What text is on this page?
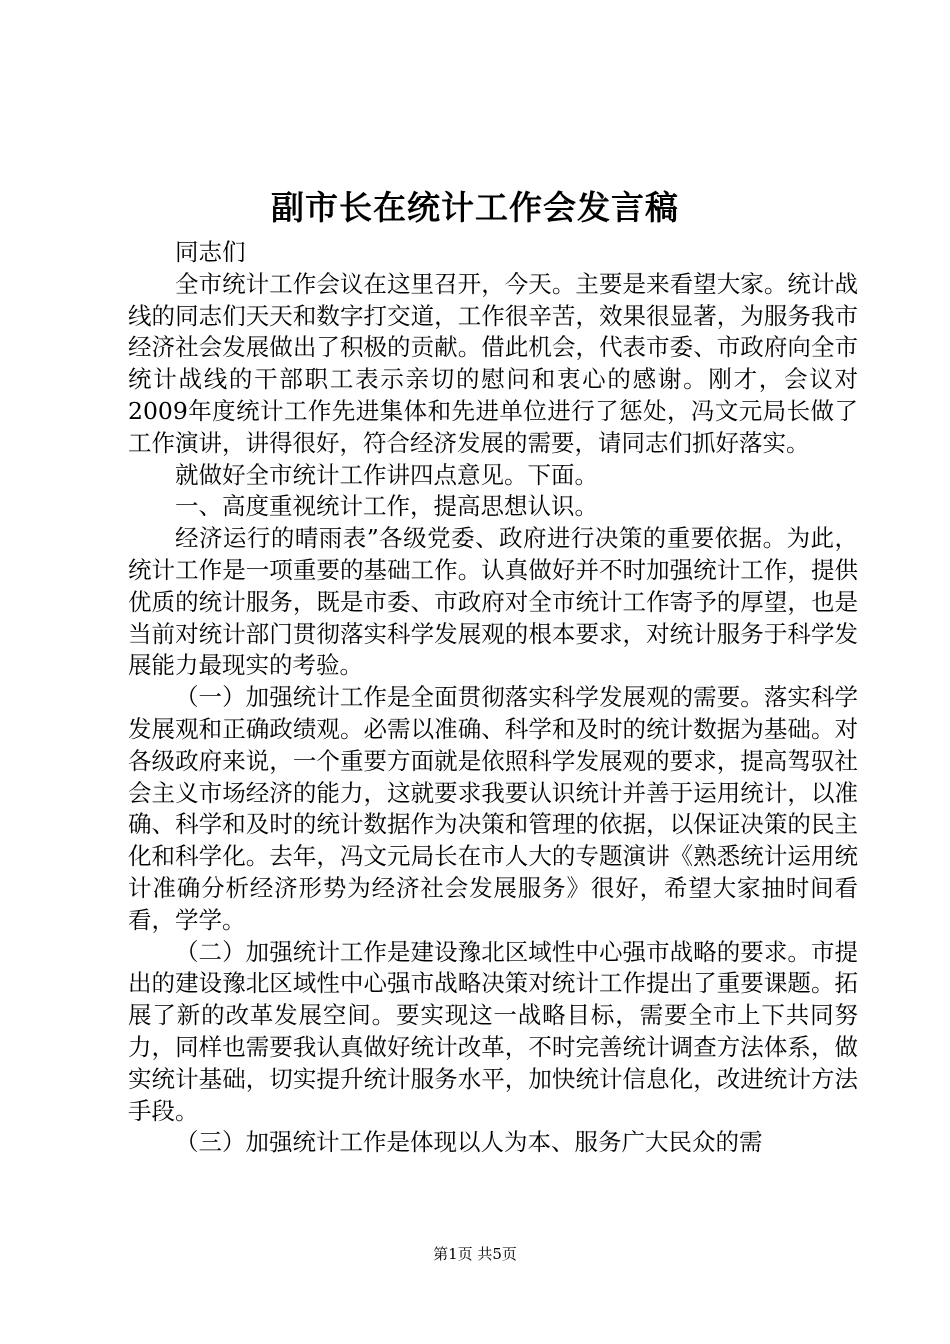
副市长在统计工作会发言稿

同志们

全市统计工作会议在这里召开，今天。主要是来看望大家。统计战线的同志们天天和数字打交道，工作很辛苦，效果很显著，为服务我市经济社会发展做出了积极的贡献。借此机会，代表市委、市政府向全市统计战线的干部职工表示亲切的慰问和衷心的感谢。刚才，会议对2009年度统计工作先进集体和先进单位进行了惩处，冯文元局长做了工作演讲，讲得很好，符合经济发展的需要，请同志们抓好落实。

就做好全市统计工作讲四点意见。下面。

一、高度重视统计工作，提高思想认识。

经济运行的晴雨表”各级党委、政府进行决策的重要依据。为此，统计工作是一项重要的基础工作。认真做好并不时加强统计工作，提供优质的统计服务，既是市委、市政府对全市统计工作寄予的厚望，也是当前对统计部门贯彻落实科学发展观的根本要求，对统计服务于科学发展能力最现实的考验。

（一）加强统计工作是全面贯彻落实科学发展观的需要。落实科学发展观和正确政绩观。必需以准确、科学和及时的统计数据为基础。对各级政府来说，一个重要方面就是依照科学发展观的要求，提高驾驭社会主义市场经济的能力，这就要求我要认识统计并善于运用统计，以准确、科学和及时的统计数据作为决策和管理的依据，以保证决策的民主化和科学化。去年，冯文元局长在市人大的专题演讲《熟悉统计运用统计准确分析经济形势为经济社会发展服务》很好，希望大家抽时间看看，学学。

（二）加强统计工作是建设豫北区域性中心强市战略的要求。市提出的建设豫北区域性中心强市战略决策对统计工作提出了重要课题。拓展了新的改革发展空间。要实现这一战略目标，需要全市上下共同努力，同样也需要我认真做好统计改革，不时完善统计调查方法体系，做实统计基础，切实提升统计服务水平，加快统计信息化，改进统计方法手段。

（三）加强统计工作是体现以人为本、服务广大民众的需

第1页 共5页
